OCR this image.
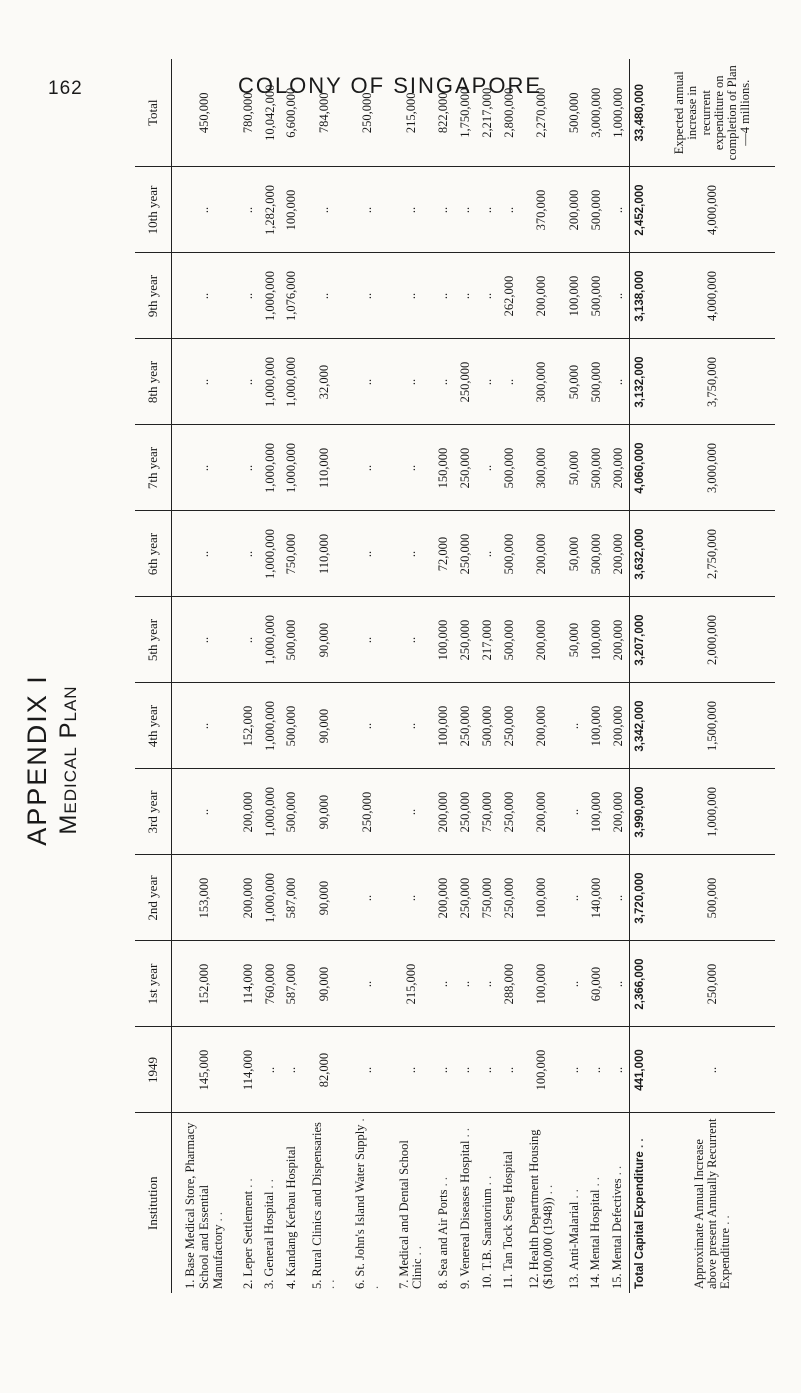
162	COLONY OF SINGAPORE
APPENDIX I Medical Plan
Institution	1949	1st year	2nd year	3rd year	4th year	5th year	6th year	7th year	8th year	9th year	10th year	Total
1.Base Medical Store, Pharmacy School and Essential Manufactory . .	145,000	152,000	153,000	..	..	..	..	..	..	..	..	450,000
2.Leper Settlement . .	114,000	114,000	200,000	200,000	152,000	..	..	..	..	..	..	780,000
3.General Hospital . .	..	760,000	1,000,000	1,000,000	1,000,000	1,000,000	1,000,000	1,000,000	1,000,000	1,000,000	1,282,000	10,042,000
4.Kandang Kerbau Hospital	..	587,000	587,000	500,000	500,000	500,000	750,000	1,000,000	1,000,000	1,076,000	100,000	6,600,000
5.Rural Clinics and Dispensaries . .	82,000	90,000	90,000	90,000	90,000	90,000	110,000	110,000	32,000	..	..	784,000
6.St. John's Island Water Supply . .	..	..	..	250,000	..	..	..	..	..	..	..	250,000
7.Medical and Dental School Clinic . .	..	215,000	..	..	..	..	..	..	..	..	..	215,000
8.Sea and Air Ports . .	..	..	200,000	200,000	100,000	100,000	72,000	150,000	..	..	..	822,000
9.Venereal Diseases Hospital . .	..	..	250,000	250,000	250,000	250,000	250,000	250,000	250,000	..	..	1,750,000
10.T.B. Sanatorium . .	..	..	750,000	750,000	500,000	217,000	..	..	..	..	..	2,217,000
11.Tan Tock Seng Hospital	..	288,000	250,000	250,000	250,000	500,000	500,000	500,000	..	262,000	..	2,800,000
12.Health Department Housing ($100,000 (1948)) . .	100,000	100,000	100,000	200,000	200,000	200,000	200,000	300,000	300,000	200,000	370,000	2,270,000
13.Anti-Malarial . .	..	..	..	..	..	50,000	50,000	50,000	50,000	100,000	200,000	500,000
14.Mental Hospital . .	..	60,000	140,000	100,000	100,000	100,000	500,000	500,000	500,000	500,000	500,000	3,000,000
15.Mental Defectives . .	..	..	..	200,000	200,000	200,000	200,000	200,000	..	..	..	1,000,000
Total Capital Expenditure . .	441,000	2,366,000	3,720,000	3,990,000	3,342,000	3,207,000	3,632,000	4,060,000	3,132,000	3,138,000	2,452,000	33,480,000
Approximate Annual Increase above present Annually Recurrent Expenditure . .	..	250,000	500,000	1,000,000	1,500,000	2,000,000	2,750,000	3,000,000	3,750,000	4,000,000	4,000,000	Expected annual increase in recurrent expenditure on completion of Plan—4 millions.
